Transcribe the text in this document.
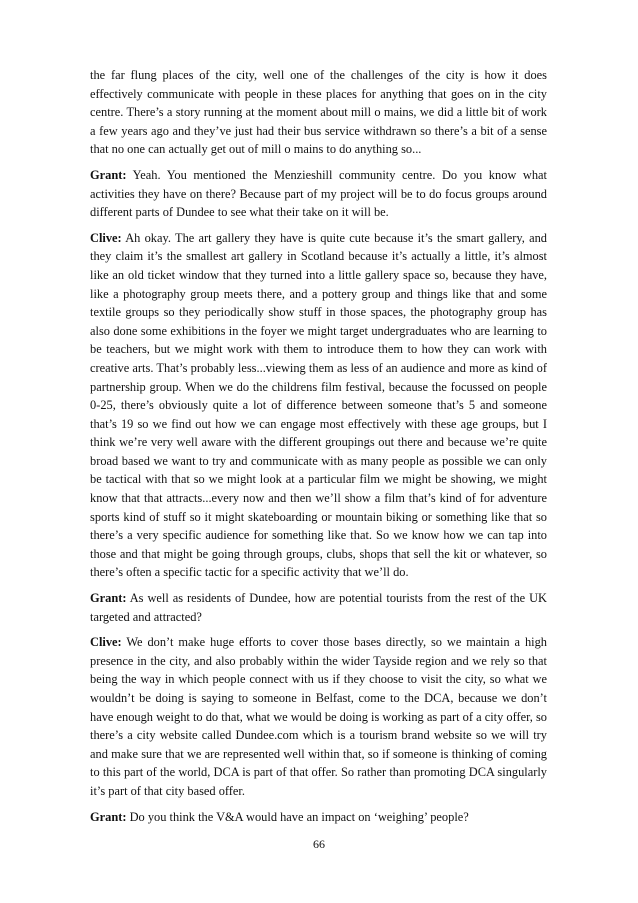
the far flung places of the city, well one of the challenges of the city is how it does effectively communicate with people in these places for anything that goes on in the city centre. There’s a story running at the moment about mill o mains, we did a little bit of work a few years ago and they’ve just had their bus service withdrawn so there’s a bit of a sense that no one can actually get out of mill o mains to do anything so...

Grant: Yeah. You mentioned the Menzieshill community centre. Do you know what activities they have on there? Because part of my project will be to do focus groups around different parts of Dundee to see what their take on it will be.

Clive: Ah okay. The art gallery they have is quite cute because it’s the smart gallery, and they claim it’s the smallest art gallery in Scotland because it’s actually a little, it’s almost like an old ticket window that they turned into a little gallery space so, because they have, like a photography group meets there, and a pottery group and things like that and some textile groups so they periodically show stuff in those spaces, the photography group has also done some exhibitions in the foyer we might target undergraduates who are learning to be teachers, but we might work with them to introduce them to how they can work with creative arts. That’s probably less...viewing them as less of an audience and more as kind of partnership group. When we do the childrens film festival, because the focussed on people 0-25, there’s obviously quite a lot of difference between someone that’s 5 and someone that’s 19 so we find out how we can engage most effectively with these age groups, but I think we’re very well aware with the different groupings out there and because we’re quite broad based we want to try and communicate with as many people as possible we can only be tactical with that so we might look at a particular film we might be showing, we might know that that attracts...every now and then we’ll show a film that’s kind of for adventure sports kind of stuff so it might skateboarding or mountain biking or something like that so there’s a very specific audience for something like that. So we know how we can tap into those and that might be going through groups, clubs, shops that sell the kit or whatever, so there’s often a specific tactic for a specific activity that we’ll do.

Grant: As well as residents of Dundee, how are potential tourists from the rest of the UK targeted and attracted?

Clive: We don’t make huge efforts to cover those bases directly, so we maintain a high presence in the city, and also probably within the wider Tayside region and we rely so that being the way in which people connect with us if they choose to visit the city, so what we wouldn’t be doing is saying to someone in Belfast, come to the DCA, because we don’t have enough weight to do that, what we would be doing is working as part of a city offer, so there’s a city website called Dundee.com which is a tourism brand website so we will try and make sure that we are represented well within that, so if someone is thinking of coming to this part of the world, DCA is part of that offer. So rather than promoting DCA singularly it’s part of that city based offer.

Grant: Do you think the V&A would have an impact on ‘weighing’ people?

66
